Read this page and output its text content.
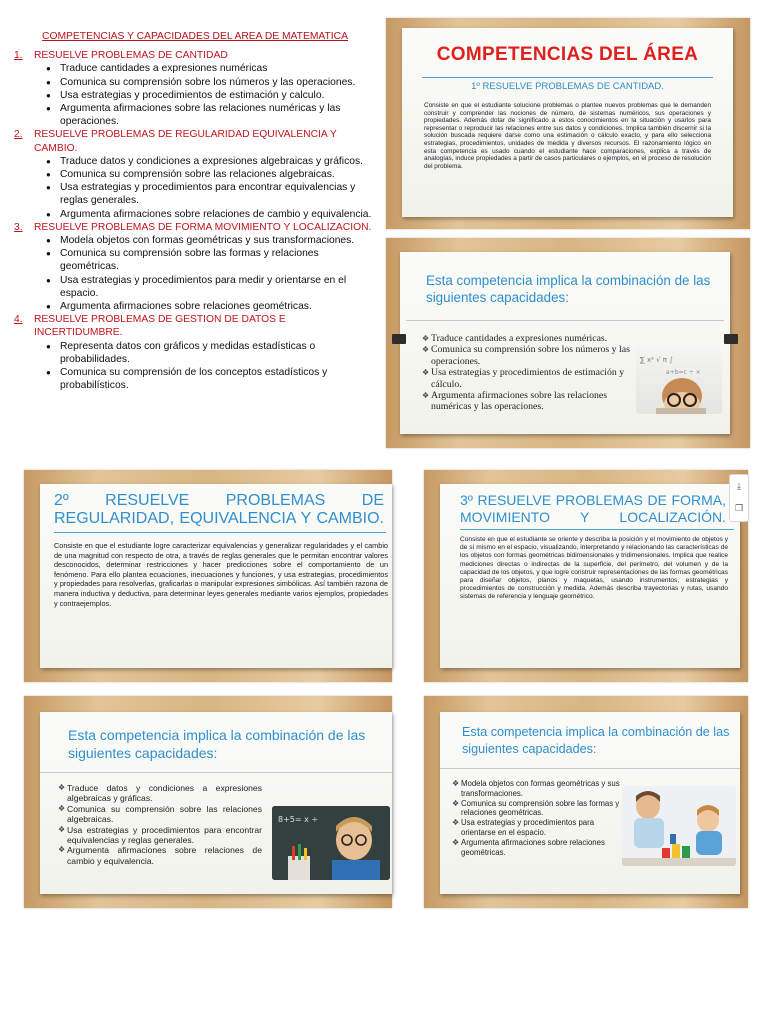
COMPETENCIAS Y CAPACIDADES DEL AREA DE MATEMATICA

1. RESUELVE PROBLEMAS DE CANTIDAD

● Traduce cantidades a expresiones numéricas
● Comunica su comprensión sobre los números y las operaciones.
● Usa estrategias y procedimientos de estimación y calculo.
● Argumenta afirmaciones sobre las relaciones numéricas y las operaciones.

2. RESUELVE PROBLEMAS DE REGULARIDAD EQUIVALENCIA Y CAMBIO.

● Traduce datos y condiciones a expresiones algebraicas y gráficos.
● Comunica su comprensión sobre las relaciones algebraicas.
● Usa estrategias y procedimientos para encontrar equivalencias y reglas generales.
● Argumenta afirmaciones sobre relaciones de cambio y equivalencia.

3. RESUELVE PROBLEMAS DE FORMA MOVIMIENTO Y LOCALIZACION.

● Modela objetos con formas geométricas y sus transformaciones.
● Comunica su comprensión sobre las formas y relaciones geométricas.
● Usa estrategias y procedimientos para medir y orientarse en el espacio.
● Argumenta afirmaciones sobre relaciones geométricas.

4. RESUELVE PROBLEMAS DE GESTION DE DATOS E INCERTIDUMBRE.

● Representa datos con gráficos y medidas estadísticas o probabilidades.
● Comunica su comprensión de los conceptos estadísticos y probabilísticos.

COMPETENCIAS DEL ÁREA

1º RESUELVE PROBLEMAS DE CANTIDAD.

Consiste en que el estudiante solucione problemas o plantee nuevos problemas que le demanden construir y comprender las nociones de número, de sistemas numéricos, sus operaciones y propiedades. Además dotar de significado a estos conocimientos en la situación y usarlos para representar o reproducir las relaciones entre sus datos y condiciones. Implica también discernir si la solución buscada requiere darse como una estimación o cálculo exacto, y para ello selecciona estrategias, procedimientos, unidades de medida y diversos recursos. El razonamiento lógico en esta competencia es usado cuando el estudiante hace comparaciones, explica a través de analogías, induce propiedades a partir de casos particulares o ejemplos, en el proceso de resolución del problema.

Esta competencia implica la combinación de las siguientes capacidades:

❖ Traduce cantidades a expresiones numéricas.
❖ Comunica su comprensión sobre los números y las operaciones.
❖ Usa estrategias y procedimientos de estimación y cálculo.
❖ Argumenta afirmaciones sobre las relaciones numéricas y las operaciones.
∑ x² √ π ∫
a+b=c ÷ ×

2º RESUELVE PROBLEMAS DE REGULARIDAD, EQUIVALENCIA Y CAMBIO.

Consiste en que el estudiante logre caracterizar equivalencias y generalizar regularidades y el cambio de una magnitud con respecto de otra, a través de reglas generales que le permitan encontrar valores desconocidos, determinar restricciones y hacer predicciones sobre el comportamiento de un fenómeno. Para ello plantea ecuaciones, inecuaciones y funciones, y usa estrategias, procedimientos y propiedades para resolverlas, graficarlas o manipular expresiones simbólicas. Así también razona de manera inductiva y deductiva, para determinar leyes generales mediante varios ejemplos, propiedades y contraejemplos.

3º RESUELVE PROBLEMAS DE FORMA, MOVIMIENTO Y LOCALIZACIÓN.

Consiste en que el estudiante se oriente y describa la posición y el movimiento de objetos y de sí mismo en el espacio, visualizando, interpretando y relacionando las características de los objetos con formas geométricas bidimensionales y tridimensionales. Implica que realice mediciones directas o indirectas de la superficie, del perímetro, del volumen y de la capacidad de los objetos, y que logre construir representaciones de las formas geométricas para diseñar objetos, planos y maquetas, usando instrumentos, estrategias y procedimientos de construcción y medida. Además describa trayectorias y rutas, usando sistemas de referencia y lenguaje geométrico.

⤓
❐

Esta competencia implica la combinación de las siguientes capacidades:

❖ Traduce datos y condiciones a expresiones algebraicas y gráficas.
❖ Comunica su comprensión sobre las relaciones algebraicas.
❖ Usa estrategias y procedimientos para encontrar equivalencias y reglas generales.
❖ Argumenta afirmaciones sobre relaciones de cambio y equivalencia.
8+5= x ÷

Esta competencia implica la combinación de las siguientes capacidades:

❖ Modela objetos con formas geométricas y sus transformaciones.
❖ Comunica su comprensión sobre las formas y relaciones geométricas.
❖ Usa estrategias y procedimientos para orientarse en el espacio.
❖ Argumenta afirmaciones sobre relaciones geométricas.
